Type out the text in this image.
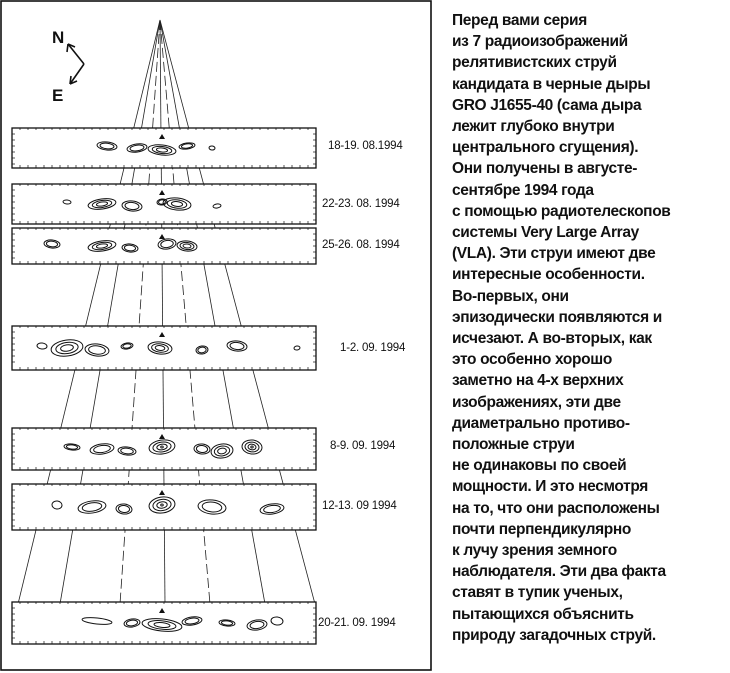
N
E
18-19. 08.1994
22-23. 08. 1994
25-26. 08. 1994
1-2. 09. 1994
8-9. 09. 1994
12-13. 09 1994
20-21. 09. 1994
Перед вами серия
из 7 радиоизображений
релятивистских струй
кандидата в черные дыры
GRO J1655-40 (сама дыра
лежит глубоко внутри
центрального сгущения).
Они получены в августе-
сентябре 1994 года
с помощью радиотелескопов
системы Very Large Array
(VLA). Эти струи имеют две
интересные особенности.
Во-первых, они
эпизодически появляются и
исчезают. А во-вторых, как
это особенно хорошо
заметно на 4-х верхних
изображениях, эти две
диаметрально противо-
положные струи
не одинаковы по своей
мощности. И это несмотря
на то, что они расположены
почти перпендикулярно
к лучу зрения земного
наблюдателя. Эти два факта
ставят в тупик ученых,
пытающихся объяснить
природу загадочных струй.
